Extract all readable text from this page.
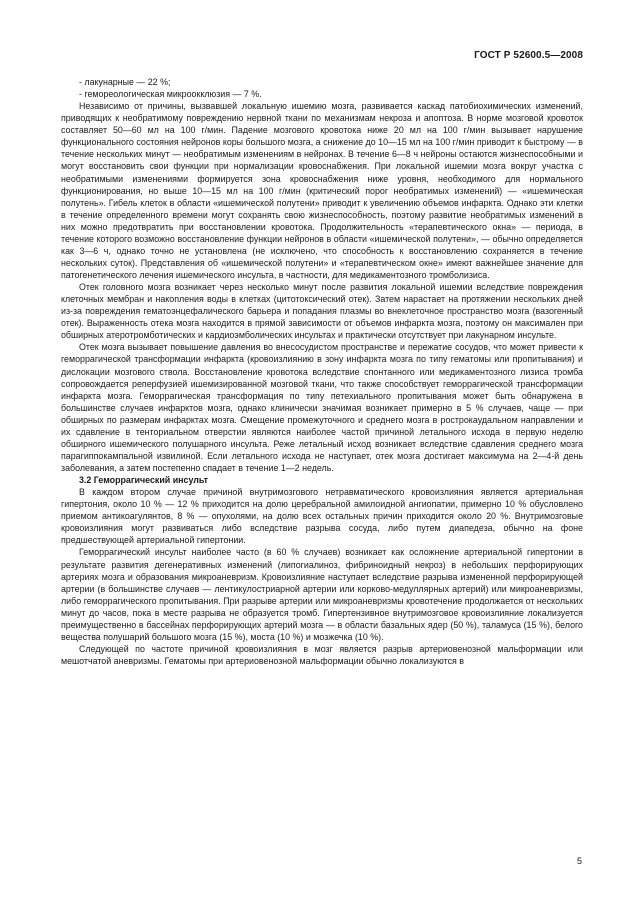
ГОСТ Р 52600.5—2008

- лакунарные — 22 %;

- гемореологическая микроокклюзия — 7 %.

Независимо от причины, вызвавшей локальную ишемию мозга, развивается каскад патобиохимических изменений, приводящих к необратимому повреждению нервной ткани по механизмам некроза и апоптоза. В норме мозговой кровоток составляет 50—60 мл на 100 г/мин. Падение мозгового кровотока ниже 20 мл на 100 г/мин вызывает нарушение функционального состояния нейронов коры большого мозга, а снижение до 10—15 мл на 100 г/мин приводит к быстрому — в течение нескольких минут — необратимым изменениям в нейронах. В течение 6—8 ч нейроны остаются жизнеспособными и могут восстановить свои функции при нормализации кровоснабжения. При локальной ишемии мозга вокруг участка с необратимыми изменениями формируется зона кровоснабжения ниже уровня, необходимого для нормального функционирования, но выше 10—15 мл на 100 г/мин (критический порог необратимых изменений) — «ишемическая полутень». Гибель клеток в области «ишемической полутени» приводит к увеличению объемов инфаркта. Однако эти клетки в течение определенного времени могут сохранять свою жизнеспособность, поэтому развитие необратимых изменений в них можно предотвратить при восстановлении кровотока. Продолжительность «терапевтического окна» — периода, в течение которого возможно восстановление функции нейронов в области «ишемической полутени», — обычно определяется как 3—6 ч, однако точно не установлена (не исключено, что способность к восстановлению сохраняется в течение нескольких суток). Представления об «ишемической полутени» и «терапевтическом окне» имеют важнейшее значение для патогенетического лечения ишемического инсульта, в частности, для медикаментозного тромболизиса.

Отек головного мозга возникает через несколько минут после развития локальной ишемии вследствие повреждения клеточных мембран и накопления воды в клетках (цитотоксический отек). Затем нарастает на протяжении нескольких дней из-за повреждения гематоэнцефалического барьера и попадания плазмы во внеклеточное пространство мозга (вазогенный отек). Выраженность отека мозга находится в прямой зависимости от объемов инфаркта мозга, поэтому он максимален при обширных атеротромботических и кардиоэмболических инсультах и практически отсутствует при лакунарном инсульте.

Отек мозга вызывает повышение давления во внесосудистом пространстве и пережатие сосудов, что может привести к геморрагической трансформации инфаркта (кровоизлиянию в зону инфаркта мозга по типу гематомы или пропитывания) и дислокации мозгового ствола. Восстановление кровотока вследствие спонтанного или медикаментозного лизиса тромба сопровождается реперфузией ишемизированной мозговой ткани, что также способствует геморрагической трансформации инфаркта мозга. Геморрагическая трансформация по типу петехиального пропитывания может быть обнаружена в большинстве случаев инфарктов мозга, однако клинически значимая возникает примерно в 5 % случаев, чаще — при обширных по размерам инфарктах мозга. Смещение промежуточного и среднего мозга в рострокаудальном направлении и их сдавление в тенториальном отверстии являются наиболее частой причиной летального исхода в первую неделю обширного ишемического полушарного инсульта. Реже летальный исход возникает вследствие сдавления среднего мозга парагиппокампальной извилиной. Если летального исхода не наступает, отек мозга достигает максимума на 2—4-й день заболевания, а затем постепенно спадает в течение 1—2 недель.

3.2 Геморрагический инсульт

В каждом втором случае причиной внутримозгового нетравматического кровоизлияния является артериальная гипертония, около 10 % — 12 % приходится на долю церебральной амилоидной ангиопатии, примерно 10 % обусловлено приемом антикоагулянтов, 8 % — опухолями, на долю всех остальных причин приходится около 20 %. Внутримозговые кровоизлияния могут развиваться либо вследствие разрыва сосуда, либо путем диапедеза, обычно на фоне предшествующей артериальной гипертонии.

Геморрагический инсульт наиболее часто (в 60 % случаев) возникает как осложнение артериальной гипертонии в результате развития дегенеративных изменений (липогиалиноз, фибриноидный некроз) в небольших перфорирующих артериях мозга и образования микроаневризм. Кровоизлияние наступает вследствие разрыва измененной перфорирующей артерии (в большинстве случаев — лентикулостриарной артерии или корково-медуллярных артерий) или микроаневризмы, либо геморрагического пропитывания. При разрыве артерии или микроаневризмы кровотечение продолжается от нескольких минут до часов, пока в месте разрыва не образуется тромб. Гипертензивное внутримозговое кровоизлияние локализуется преимущественно в бассейнах перфорирующих артерий мозга — в области базальных ядер (50 %), таламуса (15 %), белого вещества полушарий большого мозга (15 %), моста (10 %) и мозжечка (10 %).

Следующей по частоте причиной кровоизлияния в мозг является разрыв артериовенозной мальформации или мешотчатой аневризмы. Гематомы при артериовенозной мальформации обычно локализуются в

5
